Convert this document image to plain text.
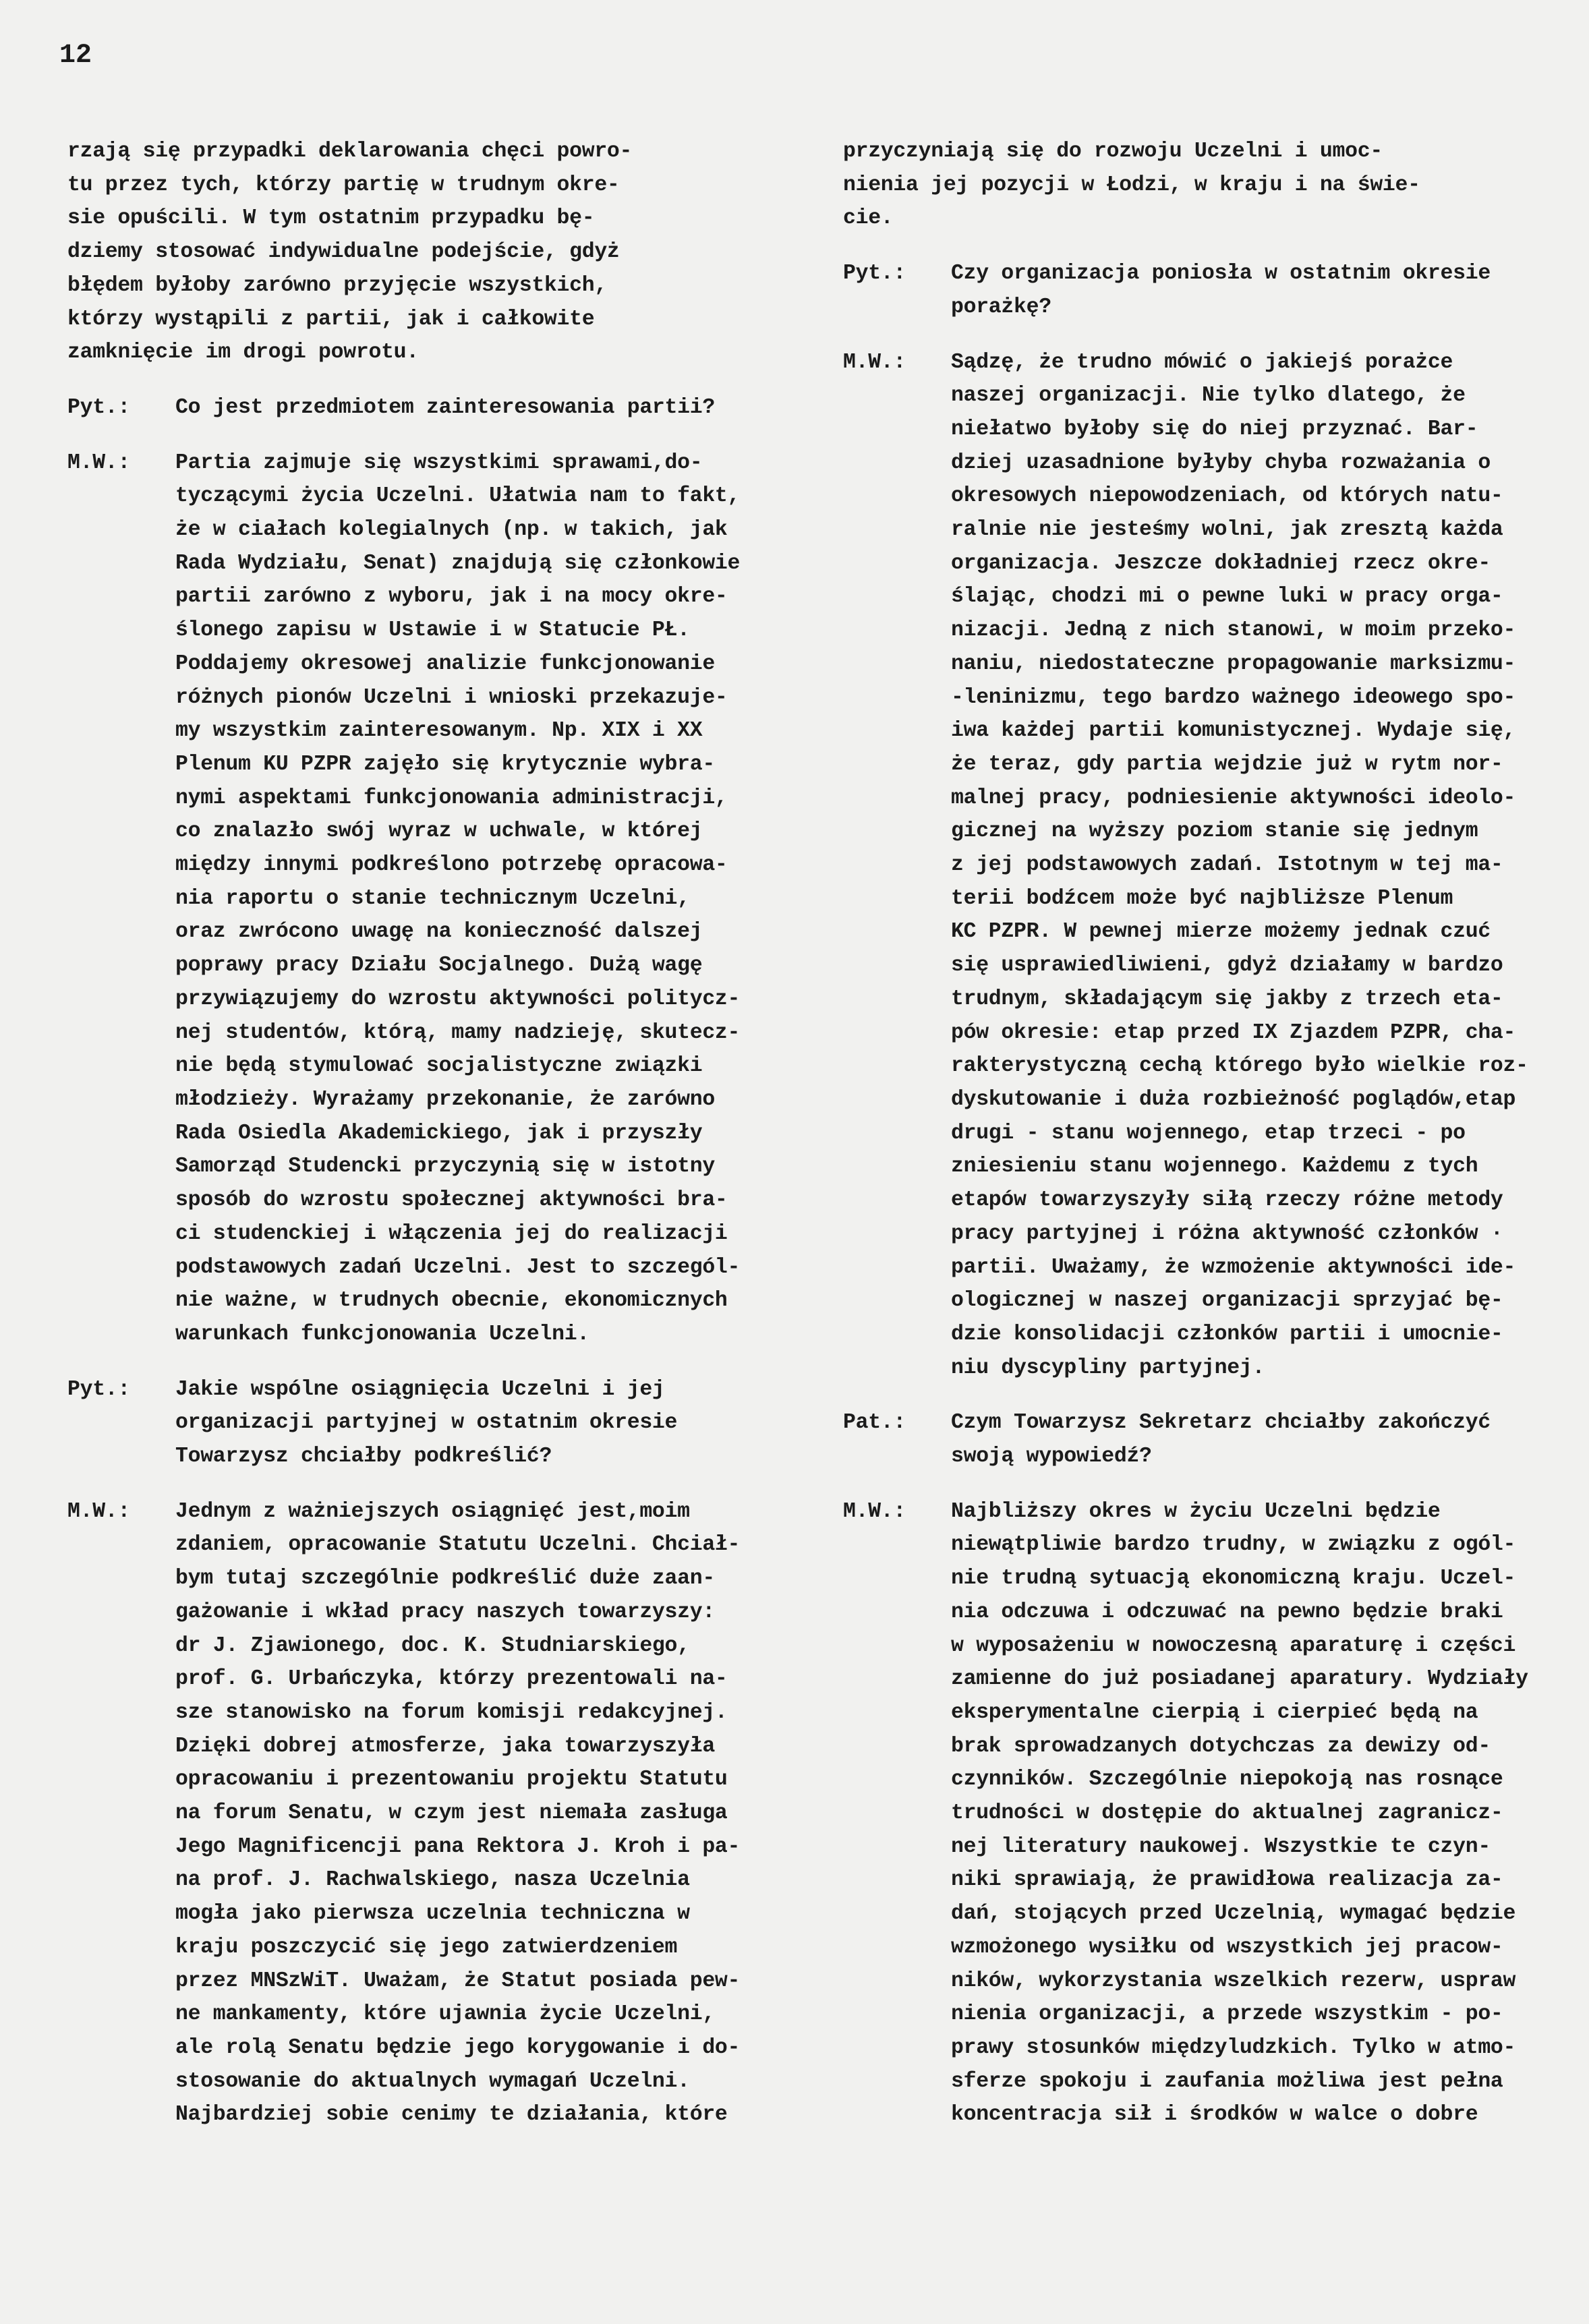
12

rzają się przypadki deklarowania chęci powro-

tu przez tych, którzy partię w trudnym okre-

sie opuścili. W tym ostatnim przypadku bę-

dziemy stosować indywidualne podejście, gdyż

błędem byłoby zarówno przyjęcie wszystkich,

którzy wystąpili z partii, jak i całkowite

zamknięcie im drogi powrotu.

Pyt.:	Co jest przedmiotem zainteresowania partii?

M.W.:	Partia zajmuje się wszystkimi sprawami,do-

tyczącymi życia Uczelni. Ułatwia nam to fakt,

że w ciałach kolegialnych (np. w takich, jak

Rada Wydziału, Senat) znajdują się członkowie

partii zarówno z wyboru, jak i na mocy okre-

ślonego zapisu w Ustawie i w Statucie PŁ.

Poddajemy okresowej analizie funkcjonowanie

różnych pionów Uczelni i wnioski przekazuje-

my wszystkim zainteresowanym. Np. XIX i XX

Plenum KU PZPR zajęło się krytycznie wybra-

nymi aspektami funkcjonowania administracji,

co znalazło swój wyraz w uchwale, w której

między innymi podkreślono potrzebę opracowa-

nia raportu o stanie technicznym Uczelni,

oraz zwrócono uwagę na konieczność dalszej

poprawy pracy Działu Socjalnego. Dużą wagę

przywiązujemy do wzrostu aktywności politycz-

nej studentów, którą, mamy nadzieję, skutecz-

nie będą stymulować socjalistyczne związki

młodzieży. Wyrażamy przekonanie, że zarówno

Rada Osiedla Akademickiego, jak i przyszły

Samorząd Studencki przyczynią się w istotny

sposób do wzrostu społecznej aktywności bra-

ci studenckiej i włączenia jej do realizacji

podstawowych zadań Uczelni. Jest to szczegól-

nie ważne, w trudnych obecnie, ekonomicznych

warunkach funkcjonowania Uczelni.

Pyt.:	Jakie wspólne osiągnięcia Uczelni i jej

organizacji partyjnej w ostatnim okresie

Towarzysz chciałby podkreślić?

M.W.:	Jednym z ważniejszych osiągnięć jest,moim

zdaniem, opracowanie Statutu Uczelni. Chciał-

bym tutaj szczególnie podkreślić duże zaan-

gażowanie i wkład pracy naszych towarzyszy:

dr J. Zjawionego, doc. K. Studniarskiego,

prof. G. Urbańczyka, którzy prezentowali na-

sze stanowisko na forum komisji redakcyjnej.

Dzięki dobrej atmosferze, jaka towarzyszyła

opracowaniu i prezentowaniu projektu Statutu

na forum Senatu, w czym jest niemała zasługa

Jego Magnificencji pana Rektora J. Kroh i pa-

na prof. J. Rachwalskiego, nasza Uczelnia

mogła jako pierwsza uczelnia techniczna w

kraju poszczycić się jego zatwierdzeniem

przez MNSzWiT. Uważam, że Statut posiada pew-

ne mankamenty, które ujawnia życie Uczelni,

ale rolą Senatu będzie jego korygowanie i do-

stosowanie do aktualnych wymagań Uczelni.

Najbardziej sobie cenimy te działania, które

przyczyniają się do rozwoju Uczelni i umoc-

nienia jej pozycji w Łodzi, w kraju i na świe-

cie.

Pyt.:	Czy organizacja poniosła w ostatnim okresie

porażkę?

M.W.:	Sądzę, że trudno mówić o jakiejś porażce

naszej organizacji. Nie tylko dlatego, że

niełatwo byłoby się do niej przyznać. Bar-

dziej uzasadnione byłyby chyba rozważania o

okresowych niepowodzeniach, od których natu-

ralnie nie jesteśmy wolni, jak zresztą każda

organizacja. Jeszcze dokładniej rzecz okre-

ślając, chodzi mi o pewne luki w pracy orga-

nizacji. Jedną z nich stanowi, w moim przeko-

naniu, niedostateczne propagowanie marksizmu-

-leninizmu, tego bardzo ważnego ideowego spo-

iwa każdej partii komunistycznej. Wydaje się,

że teraz, gdy partia wejdzie już w rytm nor-

malnej pracy, podniesienie aktywności ideolo-

gicznej na wyższy poziom stanie się jednym

z jej podstawowych zadań. Istotnym w tej ma-

terii bodźcem może być najbliższe Plenum

KC PZPR. W pewnej mierze możemy jednak czuć

się usprawiedliwieni, gdyż działamy w bardzo

trudnym, składającym się jakby z trzech eta-

pów okresie: etap przed IX Zjazdem PZPR, cha-

rakterystyczną cechą którego było wielkie roz-

dyskutowanie i duża rozbieżność poglądów,etap

drugi - stanu wojennego, etap trzeci - po

zniesieniu stanu wojennego. Każdemu z tych

etapów towarzyszyły siłą rzeczy różne metody

pracy partyjnej i różna aktywność członków ·

partii. Uważamy, że wzmożenie aktywności ide-

ologicznej w naszej organizacji sprzyjać bę-

dzie konsolidacji członków partii i umocnie-

niu dyscypliny partyjnej.

Pat.:	Czym Towarzysz Sekretarz chciałby zakończyć

swoją wypowiedź?

M.W.:	Najbliższy okres w życiu Uczelni będzie

niewątpliwie bardzo trudny, w związku z ogól-

nie trudną sytuacją ekonomiczną kraju. Uczel-

nia odczuwa i odczuwać na pewno będzie braki

w wyposażeniu w nowoczesną aparaturę i części

zamienne do już posiadanej aparatury. Wydziały

eksperymentalne cierpią i cierpieć będą na

brak sprowadzanych dotychczas za dewizy od-

czynników. Szczególnie niepokoją nas rosnące

trudności w dostępie do aktualnej zagranicz-

nej literatury naukowej. Wszystkie te czyn-

niki sprawiają, że prawidłowa realizacja za-

dań, stojących przed Uczelnią, wymagać będzie

wzmożonego wysiłku od wszystkich jej pracow-

ników, wykorzystania wszelkich rezerw, uspraw

nienia organizacji, a przede wszystkim - po-

prawy stosunków międzyludzkich. Tylko w atmo-

sferze spokoju i zaufania możliwa jest pełna

koncentracja sił i środków w walce o dobre
